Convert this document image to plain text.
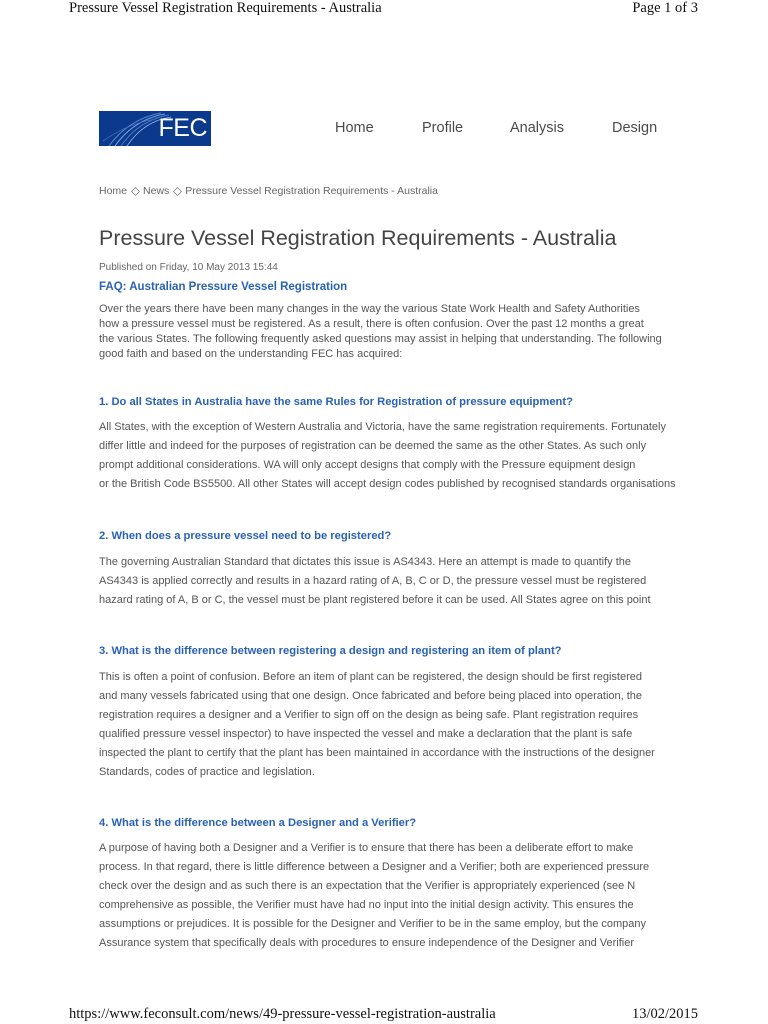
Pressure Vessel Registration Requirements - Australia	Page 1 of 3
FEC	Home	Profile	Analysis	Design
Home News Pressure Vessel Registration Requirements - Australia
Pressure Vessel Registration Requirements - Australia
Published on Friday, 10 May 2013 15:44
FAQ: Australian Pressure Vessel Registration
Over the years there have been many changes in the way the various State Work Health and Safety Authorities
how a pressure vessel must be registered. As a result, there is often confusion. Over the past 12 months a great
the various States. The following frequently asked questions may assist in helping that understanding. The following
good faith and based on the understanding FEC has acquired:
1. Do all States in Australia have the same Rules for Registration of pressure equipment?
All States, with the exception of Western Australia and Victoria, have the same registration requirements. Fortunately
differ little and indeed for the purposes of registration can be deemed the same as the other States. As such only
prompt additional considerations. WA will only accept designs that comply with the Pressure equipment design
or the British Code BS5500. All other States will accept design codes published by recognised standards organisations
2. When does a pressure vessel need to be registered?
The governing Australian Standard that dictates this issue is AS4343. Here an attempt is made to quantify the
AS4343 is applied correctly and results in a hazard rating of A, B, C or D, the pressure vessel must be registered
hazard rating of A, B or C, the vessel must be plant registered before it can be used. All States agree on this point
3. What is the difference between registering a design and registering an item of plant?
This is often a point of confusion. Before an item of plant can be registered, the design should be first registered
and many vessels fabricated using that one design. Once fabricated and before being placed into operation, the
registration requires a designer and a Verifier to sign off on the design as being safe. Plant registration requires
qualified pressure vessel inspector) to have inspected the vessel and make a declaration that the plant is safe
inspected the plant to certify that the plant has been maintained in accordance with the instructions of the designer
Standards, codes of practice and legislation.
4. What is the difference between a Designer and a Verifier?
A purpose of having both a Designer and a Verifier is to ensure that there has been a deliberate effort to make
process. In that regard, there is little difference between a Designer and a Verifier; both are experienced pressure
check over the design and as such there is an expectation that the Verifier is appropriately experienced (see N
comprehensive as possible, the Verifier must have had no input into the initial design activity. This ensures the
assumptions or prejudices. It is possible for the Designer and Verifier to be in the same employ, but the company
Assurance system that specifically deals with procedures to ensure independence of the Designer and Verifier
https://www.feconsult.com/news/49-pressure-vessel-registration-australia	13/02/2015
